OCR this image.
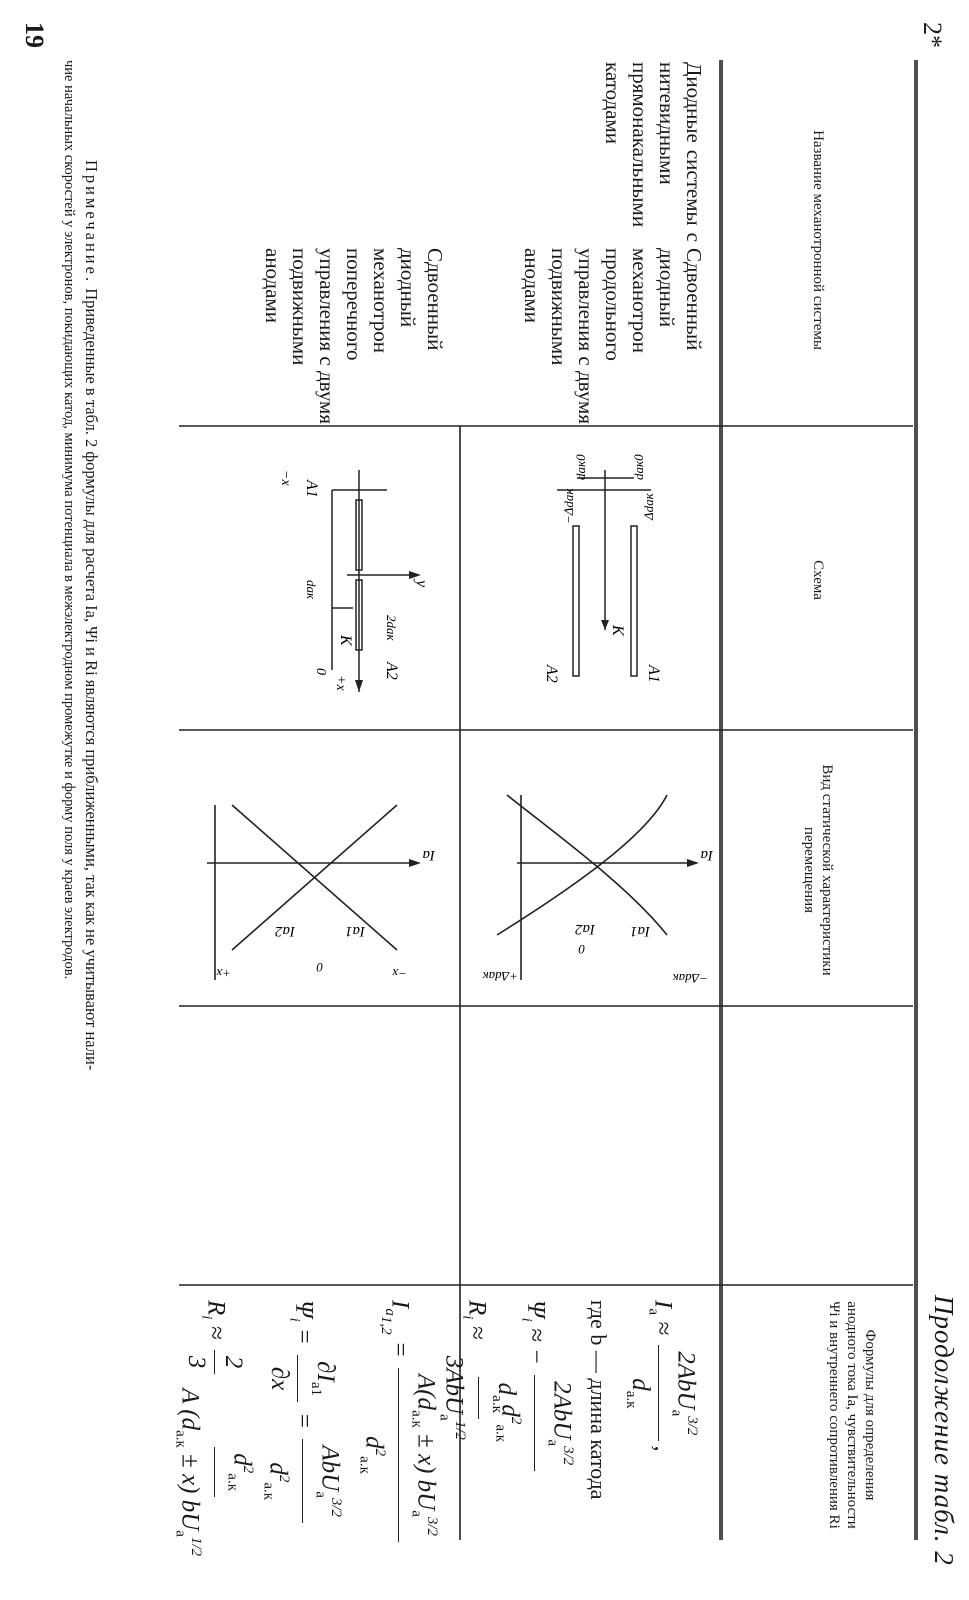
2*
Продолжение табл. 2
Название механотронной системы
Схема
Вид статической характеристики перемещения
Формулы для определения анодного тока Iа, чувствительности Ψi и внутреннего сопротивления Ri
Диодные системы с нитевидными прямонакальными катодами
Сдвоенный диодный механотрон продольного управления с двумя подвижными анодами
Сдвоенный диодный механотрон поперечного управления с двумя подвижными анодами
A1
K
A2
dак0
dак0
Δdак
−Δdак
Ia
Ia1
Ia2
−Δdак
0
+Δdак
$I_а$ ≈
2AbU$_а^{3/2}$
$d_{а.к}$
,
где b — длина катода
$\Psi_i$ ≈ −
2AbU$_а^{3/2}$
$d^2_{а.к}$
$R_i$ ≈
$d_{а.к}$
3AbU$_а^{1/2}$
y
2dак
A2
K
+x
0
dак
A1
−x
Ia
Ia1
Ia2
−x
0
+x
$I_{a_{1,2}}$ =
$A(d_{а.к} \pm x)$ $bU_а^{3/2}$
$d^2_{а.к}$
$\Psi_i$ =
$\partial I_{а1}$
∂x
=
AbU$_а^{3/2}$
$d^2_{а.к}$
$R_i$ ≈
2
3
$d^2_{а.к}$
A $(d_{а.к} \pm x)$ $bU_а^{1/2}$
Примечание. Приведенные в табл. 2 формулы для расчета Iа, Ψi и Ri являются приближенными, так как не учитывают нали-
чие начальных скоростей у электронов, покидающих катод, минимума потенциала в межэлектродном промежутке и форму поля у краев электродов.
19
